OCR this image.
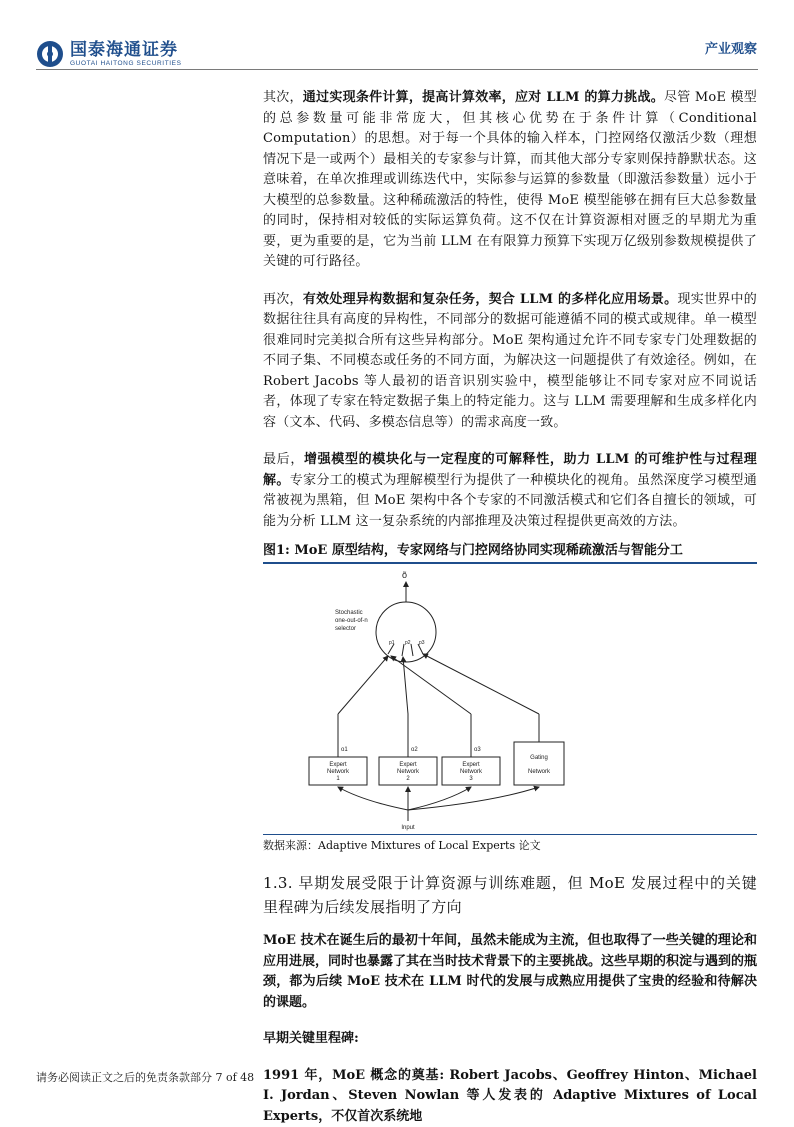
国泰海通证券
GUOTAI HAITONG SECURITIES
产业观察

其次，通过实现条件计算，提高计算效率，应对 LLM 的算力挑战。尽管 MoE 模型的总参数量可能非常庞大，但其核心优势在于条件计算（Conditional Computation）的思想。对于每一个具体的输入样本，门控网络仅激活少数（理想情况下是一或两个）最相关的专家参与计算，而其他大部分专家则保持静默状态。这意味着，在单次推理或训练迭代中，实际参与运算的参数量（即激活参数量）远小于大模型的总参数量。这种稀疏激活的特性，使得 MoE 模型能够在拥有巨大总参数量的同时，保持相对较低的实际运算负荷。这不仅在计算资源相对匮乏的早期尤为重要，更为重要的是，它为当前 LLM 在有限算力预算下实现万亿级别参数规模提供了关键的可行路径。

再次，有效处理异构数据和复杂任务，契合 LLM 的多样化应用场景。现实世界中的数据往往具有高度的异构性，不同部分的数据可能遵循不同的模式或规律。单一模型很难同时完美拟合所有这些异构部分。MoE 架构通过允许不同专家专门处理数据的不同子集、不同模态或任务的不同方面，为解决这一问题提供了有效途径。例如，在 Robert Jacobs 等人最初的语音识别实验中，模型能够让不同专家对应不同说话者，体现了专家在特定数据子集上的特定能力。这与 LLM 需要理解和生成多样化内容（文本、代码、多模态信息等）的需求高度一致。

最后，增强模型的模块化与一定程度的可解释性，助力 LLM 的可维护性与过程理解。专家分工的模式为理解模型行为提供了一种模块化的视角。虽然深度学习模型通常被视为黑箱，但 MoE 架构中各个专家的不同激活模式和它们各自擅长的领域，可能为分析 LLM 这一复杂系统的内部推理及决策过程提供更高效的方法。

图1: MoE 原型结构，专家网络与门控网络协同实现稀疏激活与智能分工
Stochastic
one-out-of-n
selector
õ
p1 p2 p3
o1	o2	o3
Expert
Network
1
Expert
Network
2
Expert
Network
3
Gating
Network
Input
数据来源：Adaptive Mixtures of Local Experts 论文
1.3. 早期发展受限于计算资源与训练难题，但 MoE 发展过程中的关键里程碑为后续发展指明了方向

MoE 技术在诞生后的最初十年间，虽然未能成为主流，但也取得了一些关键的理论和应用进展，同时也暴露了其在当时技术背景下的主要挑战。这些早期的积淀与遇到的瓶颈，都为后续 MoE 技术在 LLM 时代的发展与成熟应用提供了宝贵的经验和待解决的课题。

早期关键里程碑:

1991 年，MoE 概念的奠基: Robert Jacobs、Geoffrey Hinton、Michael I. Jordan、Steven Nowlan 等人发表的 Adaptive Mixtures of Local Experts，不仅首次系统地

请务必阅读正文之后的免责条款部分 7 of 48
